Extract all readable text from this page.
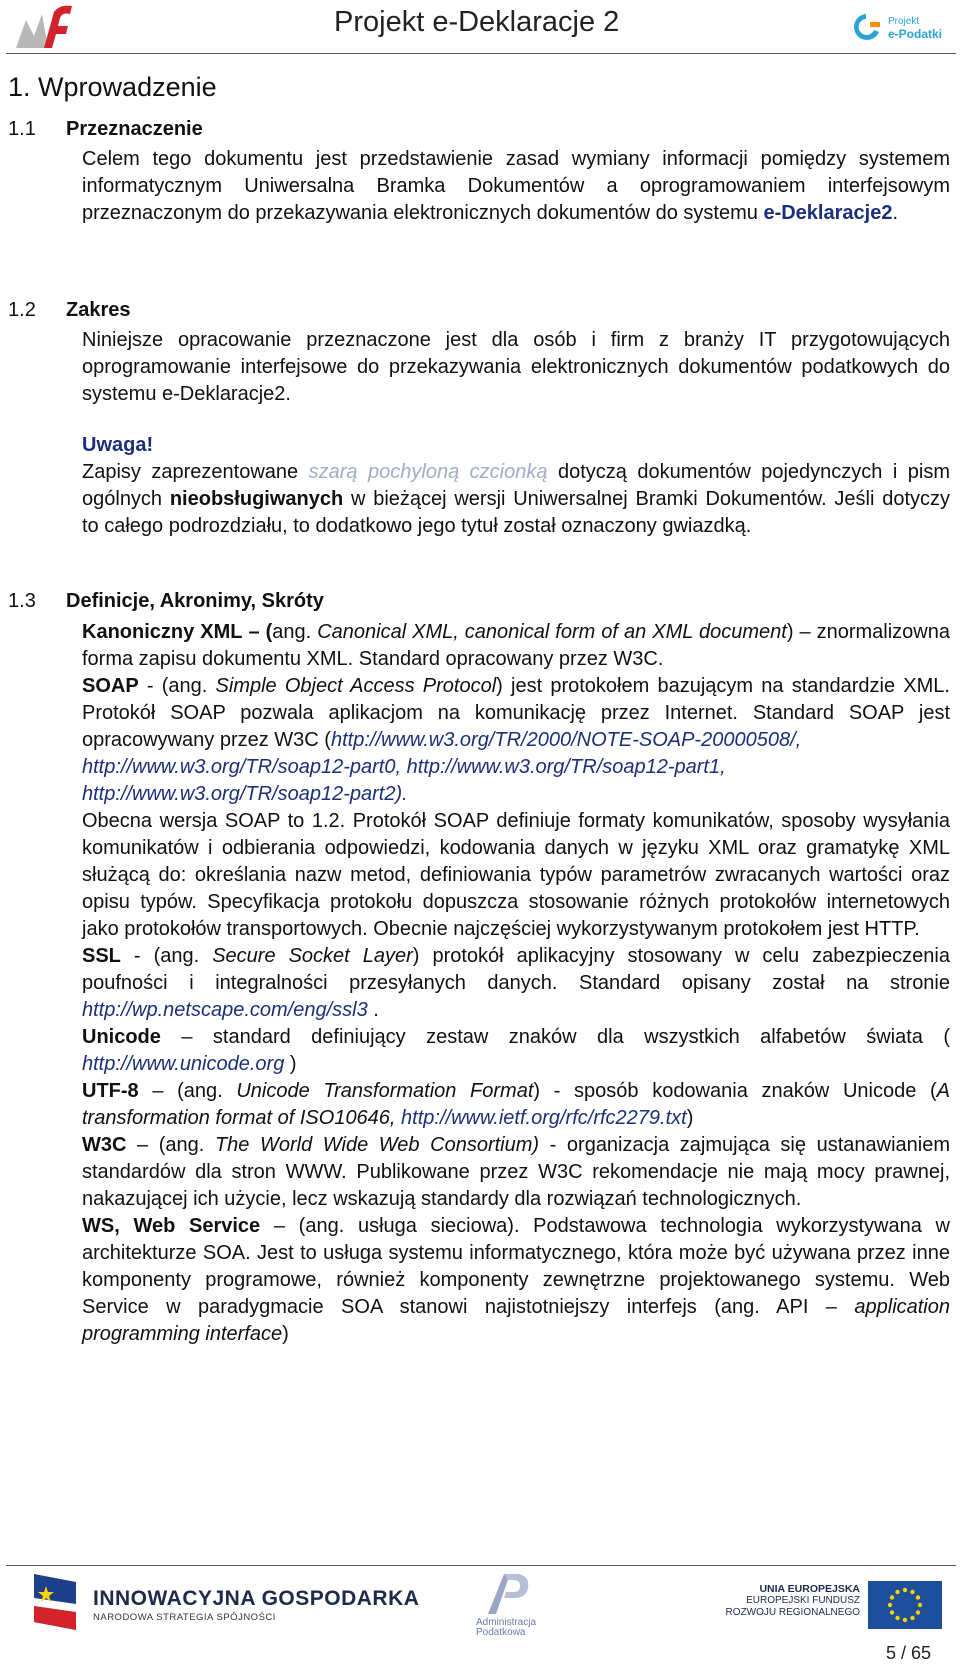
Projekt e-Deklaracje 2	Projekt
e-Podatki
1. Wprowadzenie
1.1 Przeznaczenie

Celem tego dokumentu jest przedstawienie zasad wymiany informacji pomiędzy systemem informatycznym Uniwersalna Bramka Dokumentów a oprogramowaniem interfejsowym przeznaczonym do przekazywania elektronicznych dokumentów do systemu e-Deklaracje2.

1.2 Zakres

Niniejsze opracowanie przeznaczone jest dla osób i firm z branży IT przygotowujących oprogramowanie interfejsowe do przekazywania elektronicznych dokumentów podatkowych do systemu e-Deklaracje2.

Uwaga!

Zapisy zaprezentowane szarą pochyloną czcionką dotyczą dokumentów pojedynczych i pism ogólnych nieobsługiwanych w bieżącej wersji Uniwersalnej Bramki Dokumentów. Jeśli dotyczy to całego podrozdziału, to dodatkowo jego tytuł został oznaczony gwiazdką.

1.3 Definicje, Akronimy, Skróty

Kanoniczny XML – (ang. Canonical XML, canonical form of an XML document) – znormalizowna forma zapisu dokumentu XML. Standard opracowany przez W3C.

SOAP - (ang. Simple Object Access Protocol) jest protokołem bazującym na standardzie XML. Protokół SOAP pozwala aplikacjom na komunikację przez Internet. Standard SOAP jest opracowywany przez W3C (http://www.w3.org/TR/2000/NOTE-SOAP-20000508/,

http://www.w3.org/TR/soap12-part0, http://www.w3.org/TR/soap12-part1,

http://www.w3.org/TR/soap12-part2).

Obecna wersja SOAP to 1.2. Protokół SOAP definiuje formaty komunikatów, sposoby wysyłania komunikatów i odbierania odpowiedzi, kodowania danych w języku XML oraz gramatykę XML służącą do: określania nazw metod, definiowania typów parametrów zwracanych wartości oraz opisu typów. Specyfikacja protokołu dopuszcza stosowanie różnych protokołów internetowych jako protokołów transportowych. Obecnie najczęściej wykorzystywanym protokołem jest HTTP.

SSL - (ang. Secure Socket Layer) protokół aplikacyjny stosowany w celu zabezpieczenia poufności i integralności przesyłanych danych. Standard opisany został na stronie http://wp.netscape.com/eng/ssl3 .

Unicode – standard definiujący zestaw znaków dla wszystkich alfabetów świata ( http://www.unicode.org )

UTF-8 – (ang. Unicode Transformation Format) - sposób kodowania znaków Unicode (A transformation format of ISO10646, http://www.ietf.org/rfc/rfc2279.txt)

W3C – (ang. The World Wide Web Consortium) - organizacja zajmująca się ustanawianiem standardów dla stron WWW. Publikowane przez W3C rekomendacje nie mają mocy prawnej, nakazującej ich użycie, lecz wskazują standardy dla rozwiązań technologicznych.

WS, Web Service – (ang. usługa sieciowa). Podstawowa technologia wykorzystywana w architekturze SOA. Jest to usługa systemu informatycznego, która może być używana przez inne komponenty programowe, również komponenty zewnętrzne projektowanego systemu. Web Service w paradygmacie SOA stanowi najistotniejszy interfejs (ang. API – application programming interface)

INNOWACYJNA GOSPODARKA
NARODOWA STRATEGIA SPÓJNOŚCI	Administracja
Podatkowa
UNIA EUROPEJSKA
EUROPEJSKI FUNDUSZ
ROZWOJU REGIONALNEGO
5 / 65
